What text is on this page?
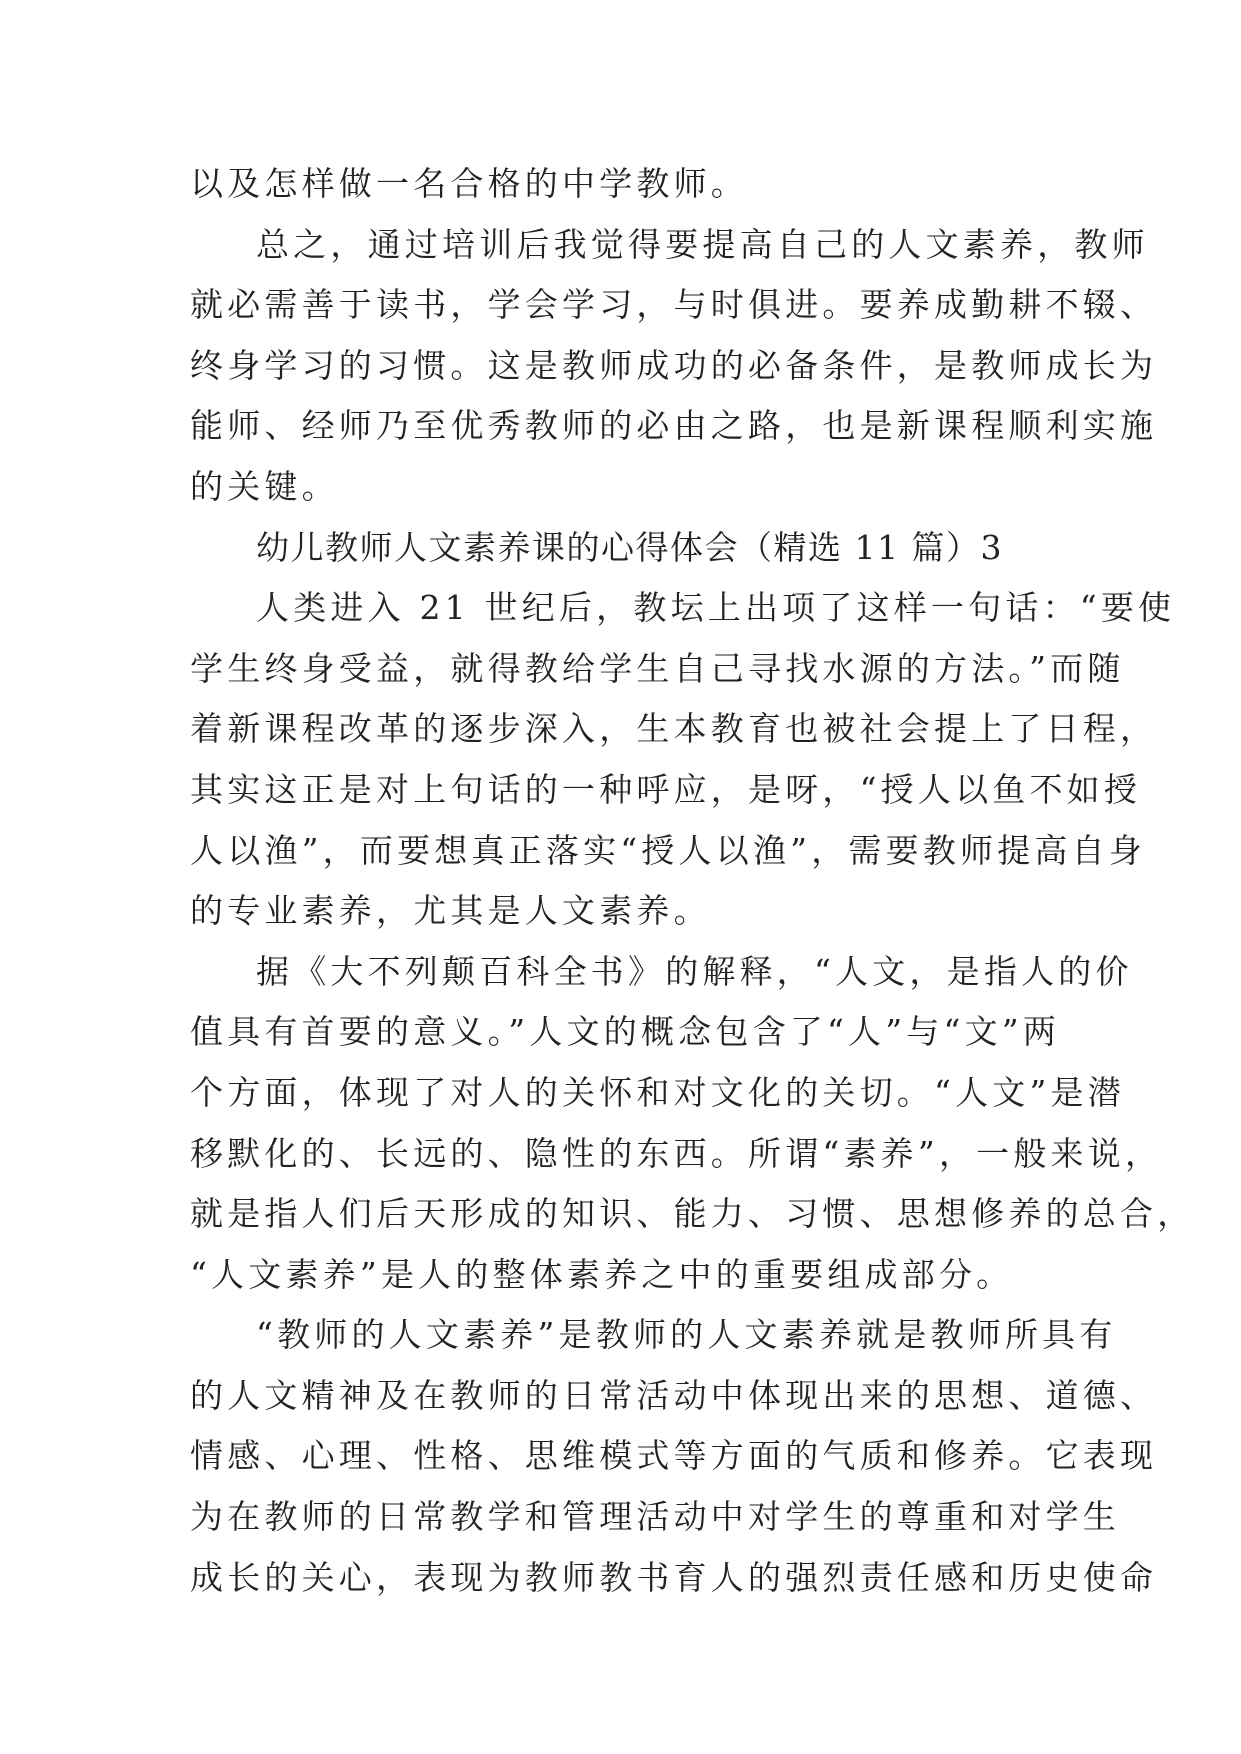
以及怎样做一名合格的中学教师。
总之，通过培训后我觉得要提高自己的人文素养，教师
就必需善于读书，学会学习，与时俱进。要养成勤耕不辍、
终身学习的习惯。这是教师成功的必备条件，是教师成长为
能师、经师乃至优秀教师的必由之路，也是新课程顺利实施
的关键。
幼儿教师人文素养课的心得体会（精选 11 篇）3
人类进入 21 世纪后，教坛上出项了这样一句话：“要使
学生终身受益，就得教给学生自己寻找水源的方法。”而随
着新课程改革的逐步深入，生本教育也被社会提上了日程，
其实这正是对上句话的一种呼应，是呀，“授人以鱼不如授
人以渔”，而要想真正落实“授人以渔”，需要教师提高自身
的专业素养，尤其是人文素养。
据《大不列颠百科全书》的解释，“人文，是指人的价
值具有首要的意义。”人文的概念包含了“人”与“文”两
个方面，体现了对人的关怀和对文化的关切。“人文”是潜
移默化的、长远的、隐性的东西。所谓“素养”，一般来说，
就是指人们后天形成的知识、能力、习惯、思想修养的总合，
“人文素养”是人的整体素养之中的重要组成部分。
“教师的人文素养”是教师的人文素养就是教师所具有
的人文精神及在教师的日常活动中体现出来的思想、道德、
情感、心理、性格、思维模式等方面的气质和修养。它表现
为在教师的日常教学和管理活动中对学生的尊重和对学生
成长的关心，表现为教师教书育人的强烈责任感和历史使命
